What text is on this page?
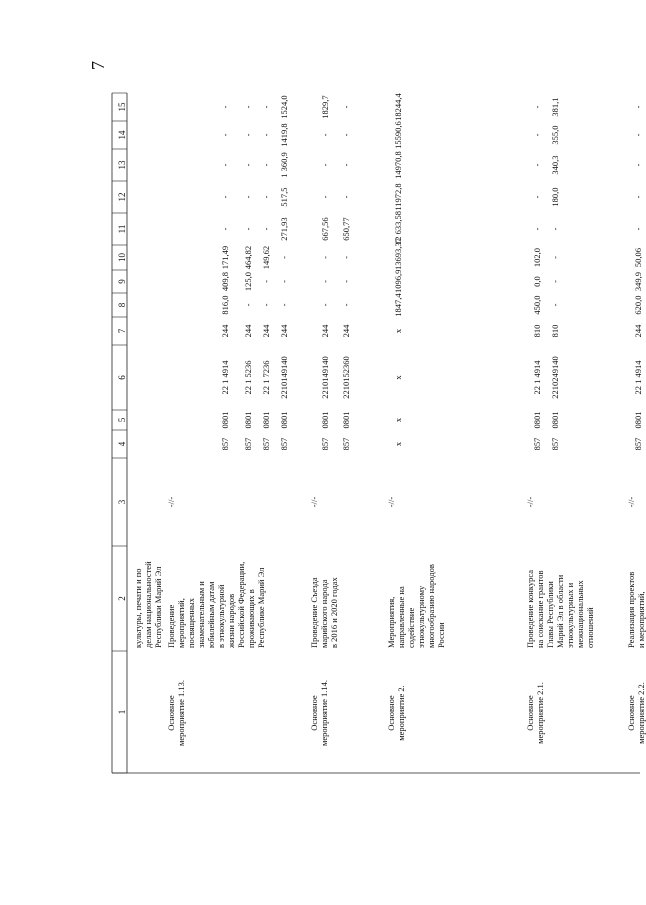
7
1
2
3
4
5
6
7
8
9
10
11
12
13
14
15
культуры, печати и по
делам национальностей
Республики Марий Эл
Основное
мероприятие 1.13.
Проведение
мероприятий,
посвященных
знаменательным и
юбилейным датам
в этнокультурной
жизни народов
Российской Федерации,
проживающих в
Республике Марий Эл
-//-
857
0801
22 1 4914
244
816,0
409,8
171,49
-
-
-
-
-
857
0801
22 1 5236
244
-
125,0
464,82
-
-
-
-
-
857
0801
22 1 7236
244
-
-
149,62
-
-
-
-
-
857
0801
2210149140
244
-
-
-
271,93
517,5
1 360,9
1419,8
1524,0
Основное
мероприятие 1.14.
Проведение Съезда
марийского народа
в 2016 и 2020 годах
-//-
857
0801
2210149140
244
-
-
-
667,56
-
-
-
1829,7
857
0801
2210152360
244
-
-
-
650,77
-
-
-
-
Основное
мероприятие 2.
Мероприятия,
направленные на
содействие
этнокультурному
многообразию народов
России
-//-
x
x
x
x
1847,4
1096,9
13693,37
12 633,58
11972,8
14970,8
15590,6
18244,4
Основное
мероприятие 2.1.
Проведение конкурса
на соискание грантов
Главы Республики
Марий Эл в области
этнокультурных и
межнациональных
отношений
-//-
857
0801
22 1 4914
810
450,0
0,0
102,0
-
-
-
-
-
857
0801
2210249140
810
-
-
-
-
180,0
340,3
355,0
381,1
Основное
мероприятие 2.2.
Реализация проектов
и мероприятий,
-//-
857
0801
22 1 4914
244
620,0
349,9
50,06
-
-
-
-
-
